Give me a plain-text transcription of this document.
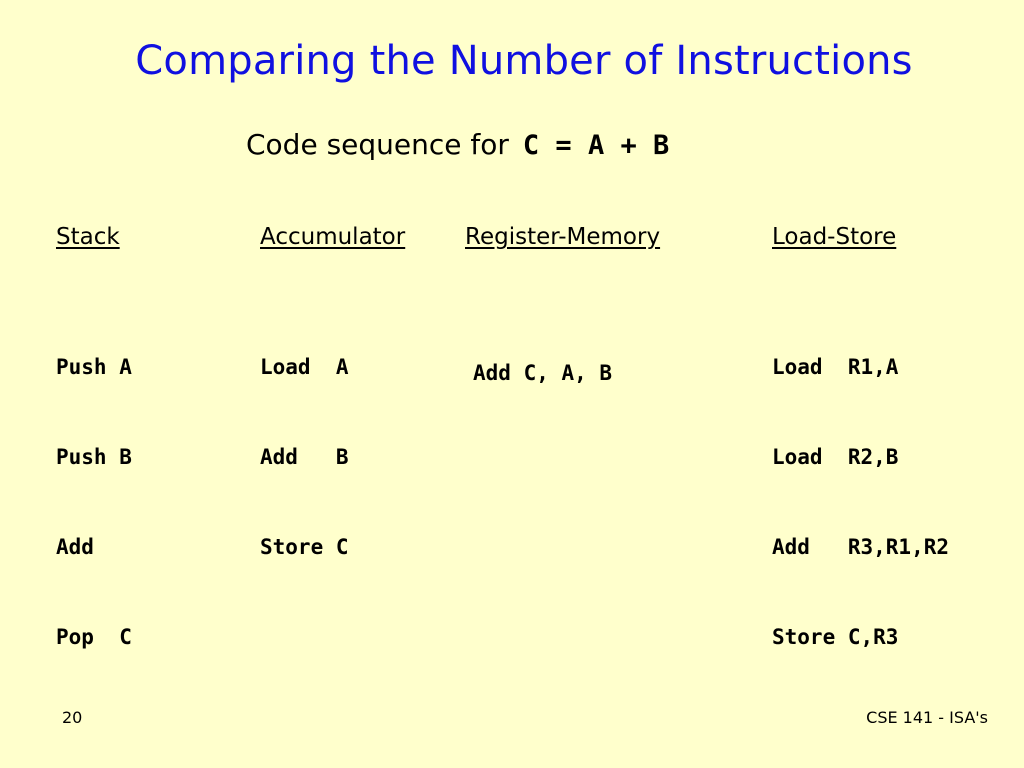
Comparing the Number of Instructions
Code sequence for C = A + B
Stack

Push A

Push B

Add

Pop  C

Accumulator

Load  A

Add   B

Store C

Register-Memory

Add C, A, B

Load-Store

Load  R1,A

Load  R2,B

Add   R3,R1,R2

Store C,R3

20	CSE 141 - ISA's
